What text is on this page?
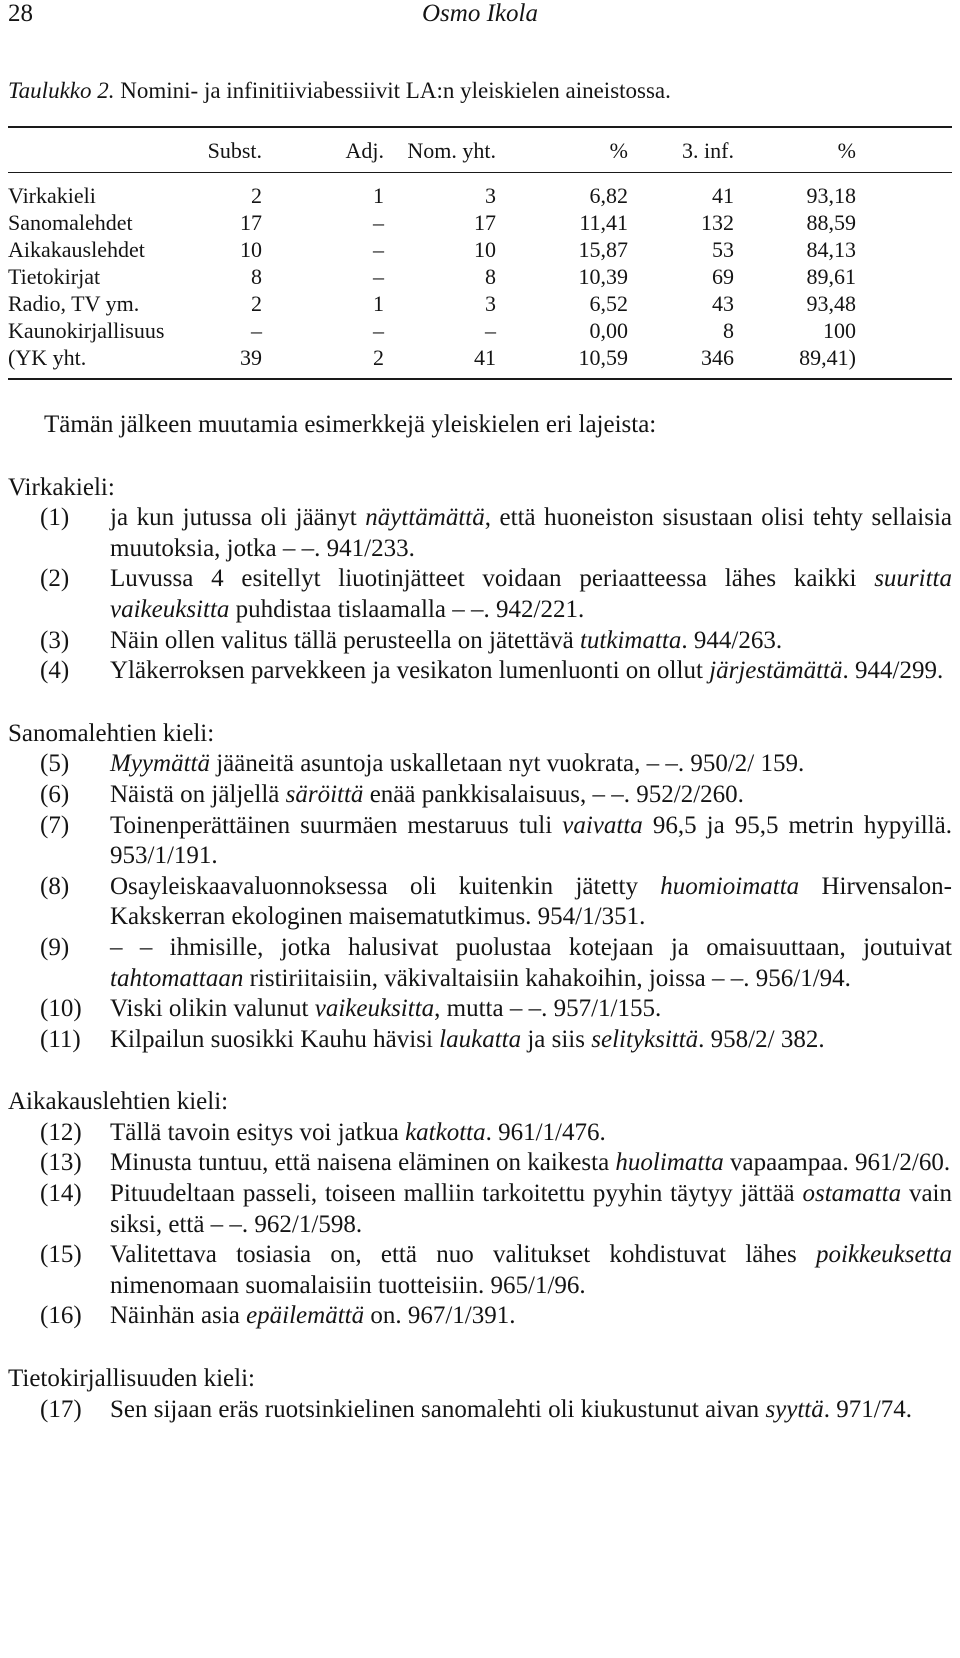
28	Osmo Ikola
Taulukko 2. Nomini- ja infinitiiviabessiivit LA:n yleiskielen aineistossa.
	Subst.	Adj.	Nom. yht.	%	3. inf.	%
Virkakieli	2	1	3	6,82	41	93,18
Sanomalehdet	17	–	17	11,41	132	88,59
Aikakauslehdet	10	–	10	15,87	53	84,13
Tietokirjat	8	–	8	10,39	69	89,61
Radio, TV ym.	2	1	3	6,52	43	93,48
Kaunokirjallisuus	–	–	–	0,00	8	100
(YK yht.	39	2	41	10,59	346	89,41)

Tämän jälkeen muutamia esimerkkejä yleiskielen eri lajeista:

Virkakieli:

(1)	ja kun jutussa oli jäänyt näyttämättä, että huoneiston sisustaan olisi tehty sellaisia muutoksia, jotka – –. 941/233.

(2)	Luvussa 4 esitellyt liuotinjätteet voidaan periaatteessa lähes kaikki suuritta vaikeuksitta puhdistaa tislaamalla – –. 942/221.

(3)	Näin ollen valitus tällä perusteella on jätettävä tutkimatta. 944/263.

(4)	Yläkerroksen parvekkeen ja vesikaton lumenluonti on ollut järjestämättä. 944/299.

Sanomalehtien kieli:

(5)	Myymättä jääneitä asuntoja uskalletaan nyt vuokrata, – –. 950/2/ 159.

(6)	Näistä on jäljellä säröittä enää pankkisalaisuus, – –. 952/2/260.

(7)	Toinenperättäinen suurmäen mestaruus tuli vaivatta 96,5 ja 95,5 metrin hypyillä. 953/1/191.

(8)	Osayleiskaavaluonnoksessa oli kuitenkin jätetty huomioimatta Hirvensalon-Kakskerran ekologinen maisematutkimus. 954/1/351.

(9)	– – ihmisille, jotka halusivat puolustaa kotejaan ja omaisuuttaan, joutuivat tahtomattaan ristiriitaisiin, väkivaltaisiin kahakoihin, joissa – –. 956/1/94.

(10)	Viski olikin valunut vaikeuksitta, mutta – –. 957/1/155.

(11)	Kilpailun suosikki Kauhu hävisi laukatta ja siis selityksittä. 958/2/ 382.

Aikakauslehtien kieli:

(12)	Tällä tavoin esitys voi jatkua katkotta. 961/1/476.

(13)	Minusta tuntuu, että naisena eläminen on kaikesta huolimatta vapaampaa. 961/2/60.

(14)	Pituudeltaan passeli, toiseen malliin tarkoitettu pyyhin täytyy jättää ostamatta vain siksi, että – –. 962/1/598.

(15)	Valitettava tosiasia on, että nuo valitukset kohdistuvat lähes poikkeuksetta nimenomaan suomalaisiin tuotteisiin. 965/1/96.

(16)	Näinhän asia epäilemättä on. 967/1/391.

Tietokirjallisuuden kieli:

(17)	Sen sijaan eräs ruotsinkielinen sanomalehti oli kiukustunut aivan syyttä. 971/74.
